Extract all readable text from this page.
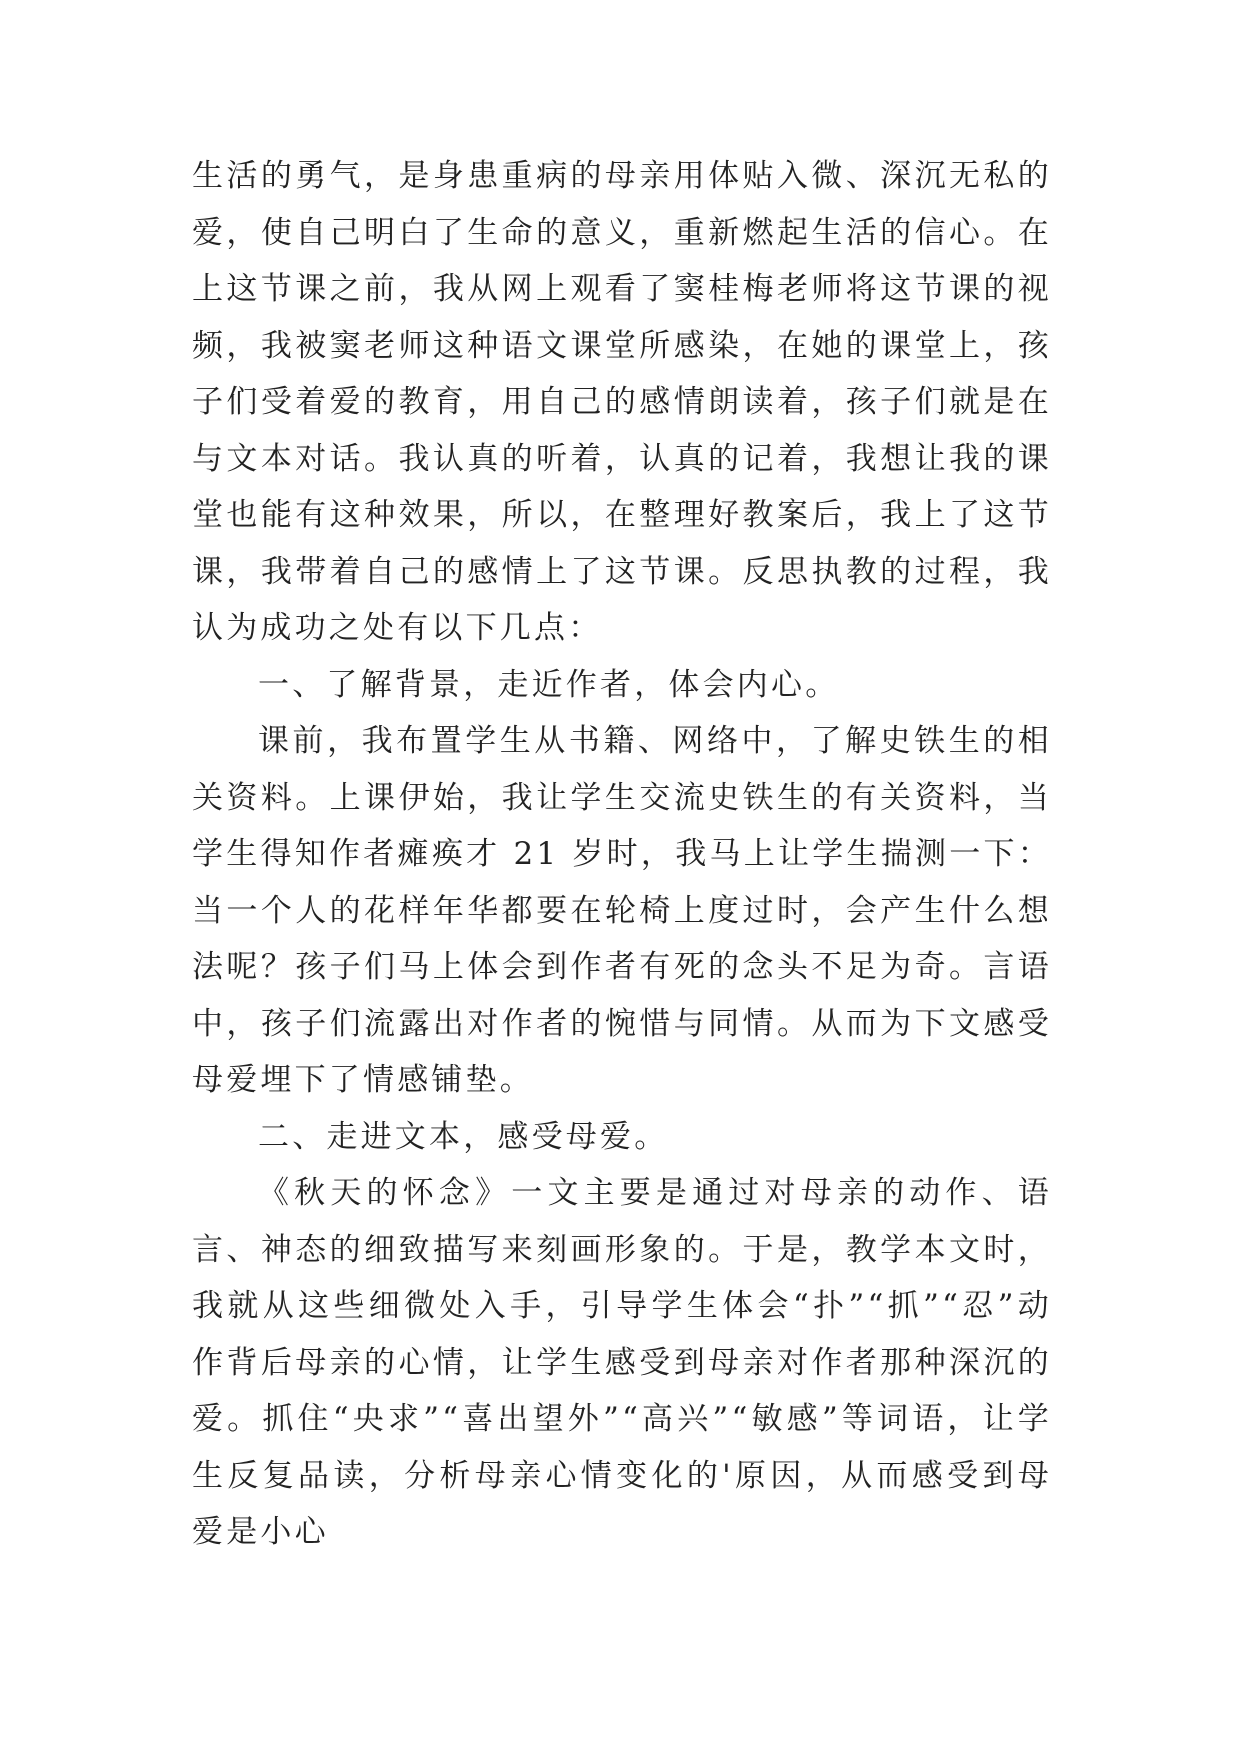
生活的勇气，是身患重病的母亲用体贴入微、深沉无私的爱，使自己明白了生命的意义，重新燃起生活的信心。在上这节课之前，我从网上观看了窦桂梅老师将这节课的视频，我被窦老师这种语文课堂所感染，在她的课堂上，孩子们受着爱的教育，用自己的感情朗读着，孩子们就是在与文本对话。我认真的听着，认真的记着，我想让我的课堂也能有这种效果，所以，在整理好教案后，我上了这节课，我带着自己的感情上了这节课。反思执教的过程，我认为成功之处有以下几点：

一、了解背景，走近作者，体会内心。

课前，我布置学生从书籍、网络中，了解史铁生的相关资料。上课伊始，我让学生交流史铁生的有关资料，当学生得知作者瘫痪才 21 岁时，我马上让学生揣测一下：当一个人的花样年华都要在轮椅上度过时，会产生什么想法呢？孩子们马上体会到作者有死的念头不足为奇。言语中，孩子们流露出对作者的惋惜与同情。从而为下文感受母爱埋下了情感铺垫。

二、走进文本，感受母爱。

《秋天的怀念》一文主要是通过对母亲的动作、语言、神态的细致描写来刻画形象的。于是，教学本文时，我就从这些细微处入手，引导学生体会“扑”“抓”“忍”动作背后母亲的心情，让学生感受到母亲对作者那种深沉的爱。抓住“央求”“喜出望外”“高兴”“敏感”等词语，让学生反复品读，分析母亲心情变化的'原因，从而感受到母爱是小心
